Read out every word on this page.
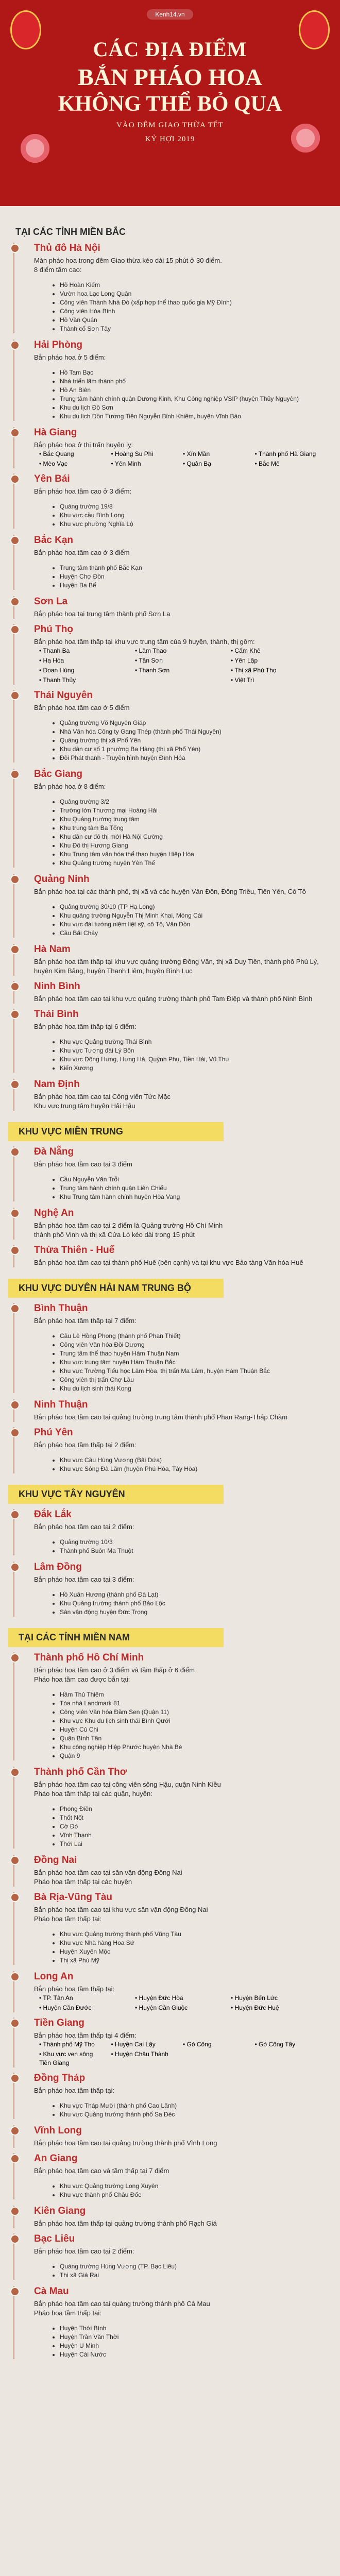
Kenh14.vn
CÁC ĐỊA ĐIỂM
BẮN PHÁO HOA
KHÔNG THỂ BỎ QUA
VÀO ĐÊM GIAO THỪA TẾT
KỶ HỢI 2019
TẠI CÁC TỈNH MIỀN BẮC
Thủ đô Hà Nội
Màn pháo hoa trong đêm Giao thừa kéo dài 15 phút ở 30 điểm.
8 điểm tầm cao:
• Hồ Hoàn Kiếm
• Vườn hoa Lạc Long Quân
• Công viên Thành Nhà Đỏ (xấp hợp thể thao quốc gia Mỹ Đình)
• Công viên Hòa Bình
• Hồ Văn Quán
• Thành cổ Sơn Tây
Hải Phòng
Bắn pháo hoa ở 5 điểm:
• Hồ Tam Bạc
• Nhà triển lãm thành phố
• Hồ An Biên
• Trung tâm hành chính quận Dương Kinh, Khu Công nghiệp VSIP (huyện Thủy Nguyên)
• Khu du lịch Đồ Sơn
• Khu du lịch Đồn Tương Tiên Nguyễn Bỉnh Khiêm, huyện Vĩnh Bảo.
Hà Giang
Bắn pháo hoa ở thị trấn huyện lỵ:
• Bắc Quang	• Hoàng Su Phì	• Xín Mần	• Thành phố Hà Giang
• Mèo Vạc	• Yên Minh	• Quản Bạ	• Bắc Mê
Yên Bái
Bắn pháo hoa tầm cao ở 3 điểm:
• Quảng trường 19/8
• Khu vực cầu Bình Long
• Khu vực phường Nghĩa Lộ
Bắc Kạn
Bắn pháo hoa tầm cao ở 3 điểm
• Trung tâm thành phố Bắc Kạn
• Huyện Chợ Đồn
• Huyện Ba Bể
Sơn La
Bắn pháo hoa tại trung tâm thành phố Sơn La
Phú Thọ
Bắn pháo hoa tầm thấp tại khu vực trung tâm của 9 huyện, thành, thị gồm:
• Thanh Ba	• Lâm Thao	• Cẩm Khê
• Hạ Hòa	• Tân Sơn	• Yên Lập
• Đoan Hùng	• Thanh Sơn	• Thị xã Phú Thọ
• Thanh Thủy	• Việt Trì
Thái Nguyên
Bắn pháo hoa tầm cao ở 5 điểm
• Quảng trường Võ Nguyên Giáp
• Nhà Văn hóa Công ty Gang Thép (thành phố Thái Nguyên)
• Quảng trường thị xã Phổ Yên
• Khu dân cư số 1 phường Ba Hàng (thị xã Phổ Yên)
• Đồi Phát thanh - Truyền hình huyện Đình Hóa
Bắc Giang
Bắn pháo hoa ở 8 điểm:
• Quảng trường 3/2
• Trường lớn Thương mại Hoàng Hải
• Khu Quảng trường trung tâm
• Khu trung tâm Ba Tổng
• Khu dân cư đô thị mới Hà Nội Cường
• Khu Đô thị Hương Giang
• Khu Trung tâm văn hóa thể thao huyện Hiệp Hòa
• Khu Quảng trường huyện Yên Thế
Quảng Ninh
Bắn pháo hoa tại các thành phố, thị xã và các huyện Vân Đồn, Đông Triều, Tiên Yên, Cô Tô
• Quảng trường 30/10 (TP Hạ Long)
• Khu quảng trường Nguyễn Thị Minh Khai, Móng Cái
• Khu vực đài tưởng niệm liệt sỹ, cô Tô, Vân Đồn
• Cầu Bãi Cháy
Hà Nam
Bắn pháo hoa tầm thấp tại khu vực quảng trường Đông Văn, thị xã Duy Tiên, thành phố Phủ Lý, huyện Kim Bảng, huyện Thanh Liêm, huyện Bình Lục
Ninh Bình
Bắn pháo hoa tầm cao tại khu vực quảng trường thành phố Tam Điệp và thành phố Ninh Bình
Thái Bình
Bắn pháo hoa tầm thấp tại 6 điểm:
• Khu vực Quảng trường Thái Bình
• Khu vực Tượng đài Lý Bôn
• Khu vực Đông Hưng, Hưng Hà, Quỳnh Phụ, Tiền Hải, Vũ Thư
• Kiến Xương
Nam Định
Bắn pháo hoa tầm cao tại Công viên Tức Mặc
Khu vực trung tâm huyện Hải Hậu
KHU VỰC MIỀN TRUNG
Đà Nẵng
Bắn pháo hoa tầm cao tại 3 điểm
• Cầu Nguyễn Văn Trỗi
• Trung tâm hành chính quận Liên Chiểu
• Khu Trung tâm hành chính huyện Hòa Vang
Nghệ An
Bắn pháo hoa tầm cao tại 2 điểm là Quảng trường Hồ Chí Minh
thành phố Vinh và thị xã Cửa Lò kéo dài trong 15 phút
Thừa Thiên - Huế
Bắn pháo hoa tầm cao tại thành phố Huế (bên cạnh) và tại khu vực Bảo tàng Văn hóa Huế
KHU VỰC DUYÊN HẢI NAM TRUNG BỘ
Bình Thuận
Bắn pháo hoa tầm thấp tại 7 điểm:
• Cầu Lê Hồng Phong (thành phố Phan Thiết)
• Công viên Văn hóa Đồi Dương
• Trung tâm thể thao huyện Hàm Thuận Nam
• Khu vực trung tâm huyện Hàm Thuận Bắc
• Khu vực Trường Tiểu học Lâm Hòa, thị trấn Ma Lâm, huyện Hàm Thuận Bắc
• Công viên thị trấn Chợ Lầu
• Khu du lịch sinh thái Kong
Ninh Thuận
Bắn pháo hoa tầm cao tại quảng trường trung tâm thành phố Phan Rang-Tháp Chàm
Phú Yên
Bắn pháo hoa tầm thấp tại 2 điểm:
• Khu vực Cầu Hùng Vương (Bãi Dứa)
• Khu vực Sông Đà Lãm (huyện Phú Hòa, Tây Hòa)
KHU VỰC TÂY NGUYÊN
Đắk Lắk
Bắn pháo hoa tầm cao tại 2 điểm:
• Quảng trường 10/3
• Thành phố Buôn Ma Thuột
Lâm Đồng
Bắn pháo hoa tầm cao tại 3 điểm:
• Hồ Xuân Hương (thành phố Đà Lạt)
• Khu Quảng trường thành phố Bảo Lộc
• Sân vận động huyện Đức Trọng
TẠI CÁC TỈNH MIỀN NAM
Thành phố Hồ Chí Minh
Bắn pháo hoa tầm cao ở 3 điểm và tầm thấp ở 6 điểm
Pháo hoa tầm cao được bắn tại:
• Hầm Thủ Thiêm
• Tòa nhà Landmark 81
• Công viên Văn hóa Đầm Sen (Quận 11)
• Khu vực Khu du lịch sinh thái Bình Qưới
• Huyện Củ Chi
• Quận Bình Tân
• Khu công nghiệp Hiệp Phước huyện Nhà Bè
• Quận 9
Thành phố Cần Thơ
Bắn pháo hoa tầm cao tại công viên sông Hậu, quận Ninh Kiều
Pháo hoa tầm thấp tại các quận, huyện:
• Phong Điền
• Thốt Nốt
• Cờ Đỏ
• Vĩnh Thạnh
• Thới Lai
Đồng Nai
Bắn pháo hoa tầm cao tại sân vận động Đồng Nai
Pháo hoa tầm thấp tại các huyện
Bà Rịa-Vũng Tàu
Bắn pháo hoa tầm cao tại khu vực sân vận động Đồng Nai
Pháo hoa tầm thấp tại:
• Khu vực Quảng trường thành phố Vũng Tàu
• Khu vực Nhà hàng Hoa Sứ
• Huyện Xuyên Mộc
• Thị xã Phú Mỹ
Long An
Bắn pháo hoa tầm thấp tại:
• TP. Tân An	• Huyện Đức Hòa	• Huyện Bến Lức
• Huyện Cần Đước	• Huyện Cần Giuộc	• Huyện Đức Huệ
Tiền Giang
Bắn pháo hoa tầm thấp tại 4 điểm:
• Thành phố Mỹ Tho	• Huyện Cai Lậy	• Gò Công	• Gò Công Tây
• Khu vực ven sông Tiền Giang
• Huyện Châu Thành
Đồng Tháp
Bắn pháo hoa tầm thấp tại:
• Khu vực Tháp Mười (thành phố Cao Lãnh)
• Khu vực Quảng trường thành phố Sa Đéc
Vĩnh Long
Bắn pháo hoa tầm cao tại quảng trường thành phố Vĩnh Long
An Giang
Bắn pháo hoa tầm cao và tầm thấp tại 7 điểm
• Khu vực Quảng trường Long Xuyên
• Khu vực thành phố Châu Đốc
Kiên Giang
Bắn pháo hoa tầm thấp tại quảng trường thành phố Rạch Giá
Bạc Liêu
Bắn pháo hoa tầm cao tại 2 điểm:
• Quảng trường Hùng Vương (TP. Bạc Liêu)
• Thị xã Giá Rai
Cà Mau
Bắn pháo hoa tầm cao tại quảng trường thành phố Cà Mau
Pháo hoa tầm thấp tại:
• Huyện Thới Bình
• Huyện Trần Văn Thời
• Huyện U Minh
• Huyện Cái Nước
